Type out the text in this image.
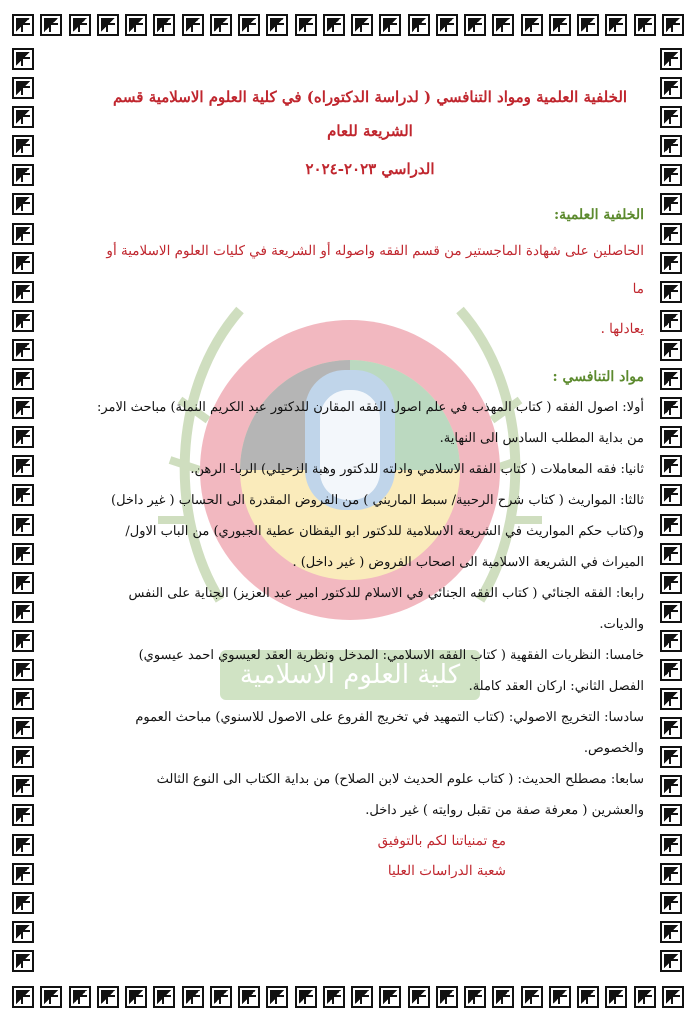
كلية العلوم الاسلامية

الخلفية العلمية ومواد التنافسي ( لدراسة الدكتوراه) في كلية العلوم الاسلامية قسم الشريعة للعام

الدراسي ٢٠٢٣-٢٠٢٤

الخلفية العلمية:

الحاصلين على شهادة الماجستير من قسم الفقه واصوله أو الشريعة في كليات العلوم الاسلامية أو ما

يعادلها .

مواد التنافسي :

أولا: اصول الفقه ( كتاب المهذب في علم اصول الفقه المقارن للدكتور عبد الكريم النملة) مباحث الامر:

من بداية المطلب السادس الى النهاية.

ثانيا: فقه المعاملات ( كتاب الفقه الاسلامي وادلته للدكتور وهبة الزحيلي) الربا- الرهن.

ثالثا: المواريث ( كتاب شرح الرحبية/ سبط الماريني ) من الفروض المقدرة الى الحساب ( غير داخل)

و(كتاب حكم المواريث في الشريعة الاسلامية للدكتور ابو اليقظان عطية الجبوري) من الباب الاول/

الميراث في الشريعة الاسلامية الى اصحاب الفروض ( غير داخل) .

رابعا: الفقه الجنائي ( كتاب الفقه الجنائي في الاسلام للدكتور امير عبد العزيز) الجناية على النفس

والديات.

خامسا: النظريات الفقهية ( كتاب الفقه الاسلامي: المدخل ونظرية العقد لعيسوي احمد عيسوي)

الفصل الثاني: اركان العقد كاملة.

سادسا: التخريج الاصولي: (كتاب التمهيد في تخريج الفروع على الاصول للاسنوي) مباحث العموم

والخصوص.

سابعا: مصطلح الحديث: ( كتاب علوم الحديث لابن الصلاح) من بداية الكتاب الى النوع الثالث

والعشرين ( معرفة صفة من تقبل روايته ) غير داخل.

مع تمنياتنا لكم بالتوفيق

شعبة الدراسات العليا
